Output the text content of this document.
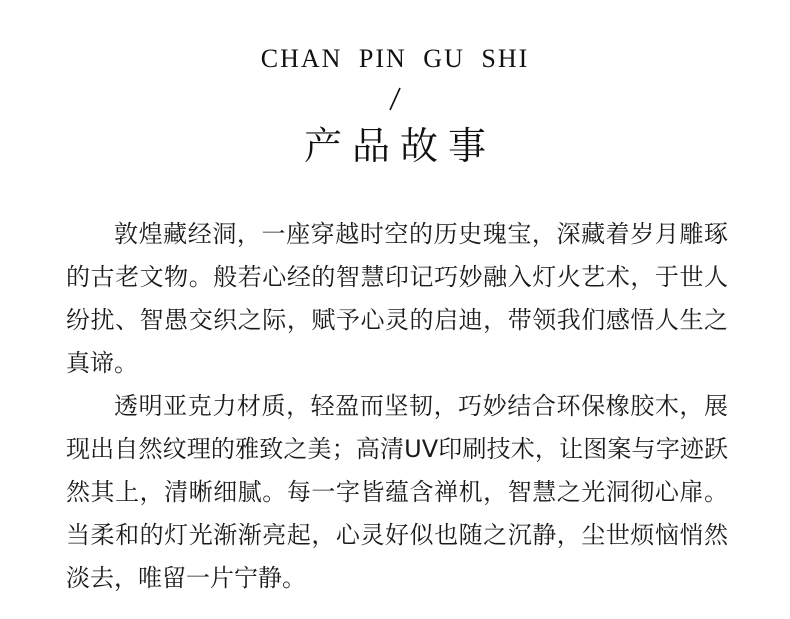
CHAN PIN GU SHI
产品故事

敦煌藏经洞，一座穿越时空的历史瑰宝，深藏着岁月雕琢的古老文物。般若心经的智慧印记巧妙融入灯火艺术，于世人纷扰、智愚交织之际，赋予心灵的启迪，带领我们感悟人生之真谛。

透明亚克力材质，轻盈而坚韧，巧妙结合环保橡胶木，展现出自然纹理的雅致之美；高清UV印刷技术，让图案与字迹跃然其上，清晰细腻。每一字皆蕴含禅机，智慧之光洞彻心扉。当柔和的灯光渐渐亮起，心灵好似也随之沉静，尘世烦恼悄然淡去，唯留一片宁静。
